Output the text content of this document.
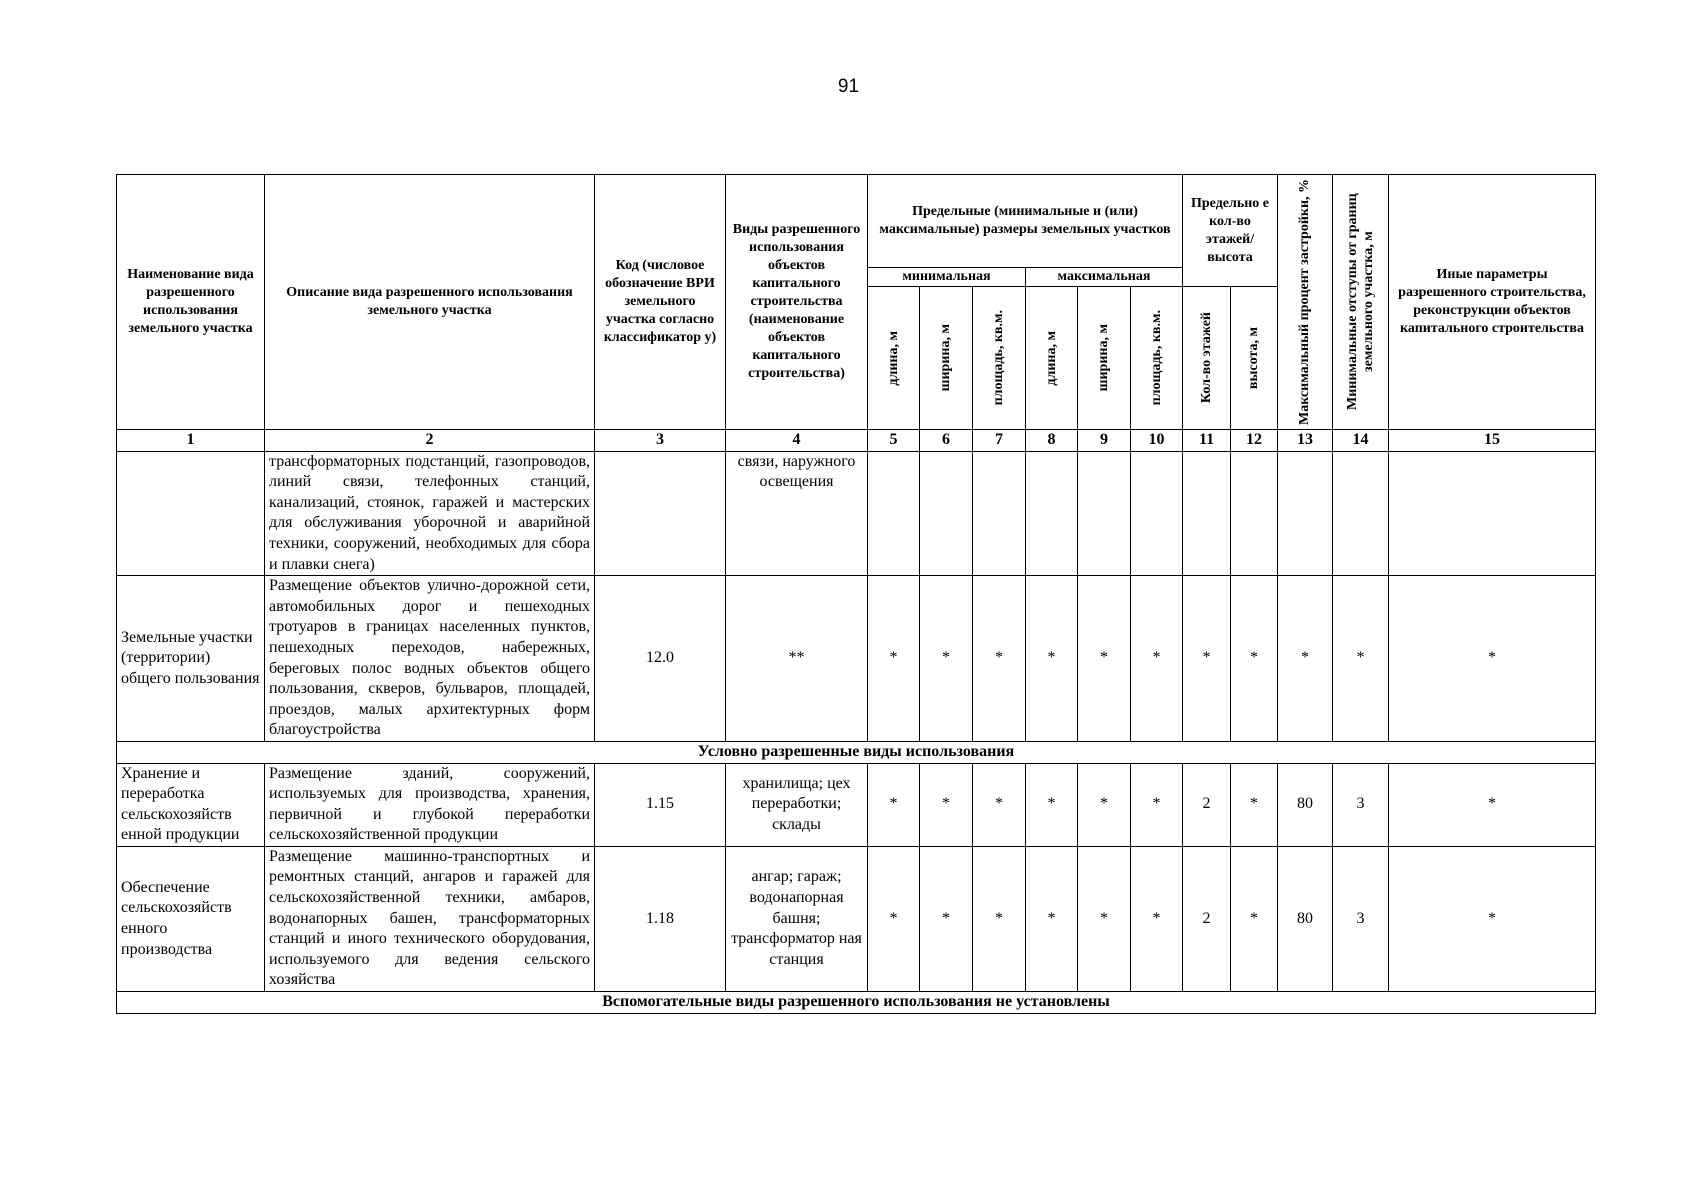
91
Наименование вида разрешенного использования земельного участка	Описание вида разрешенного использования земельного участка	Код (числовое обозначение ВРИ земельного участка согласно классификатор у)	Виды разрешенного использования объектов капитального строительства (наименование объектов капитального строительства)	Предельные (минимальные и (или) максимальные) размеры земельных участков						Предельно е кол-во этажей/ высота		Максимальный процент застройки, %	Минимальные отступы от границ земельного участка, м	Иные параметры разрешенного строительства, реконструкции объектов капитального строительства
				минимальная			максимальная							

				длина, м	ширина, м	площадь, кв.м.	длина, м	ширина, м	площадь, кв.м.	Кол-во этажей	высота, м			

1	2	3	4	5	6	7	8	9	10	11	12	13	14	15
	трансформаторных подстанций, газопроводов, линий связи, телефонных станций, канализаций, стоянок, гаражей и мастерских для обслуживания уборочной и аварийной техники, сооружений, необходимых для сбора и плавки снега)		связи, наружного освещения											
Земельные участки (территории) общего пользования	Размещение объектов улично-дорожной сети, автомобильных дорог и пешеходных тротуаров в границах населенных пунктов, пешеходных переходов, набережных, береговых полос водных объектов общего пользования, скверов, бульваров, площадей, проездов, малых архитектурных форм благоустройства	12.0	**	*	*	*	*	*	*	*	*	*	*	*
Условно разрешенные виды использования														
Хранение и переработка сельскохозяйств енной продукции	Размещение зданий, сооружений, используемых для производства, хранения, первичной и глубокой переработки сельскохозяйственной продукции	1.15	хранилища; цех переработки; склады	*	*	*	*	*	*	2	*	80	3	*
Обеспечение сельскохозяйств енного производства	Размещение машинно-транспортных и ремонтных станций, ангаров и гаражей для сельскохозяйственной техники, амбаров, водонапорных башен, трансформаторных станций и иного технического оборудования, используемого для ведения сельского хозяйства	1.18	ангар; гараж; водонапорная башня; трансформатор ная станция	*	*	*	*	*	*	2	*	80	3	*
Вспомогательные виды разрешенного использования не установлены														
